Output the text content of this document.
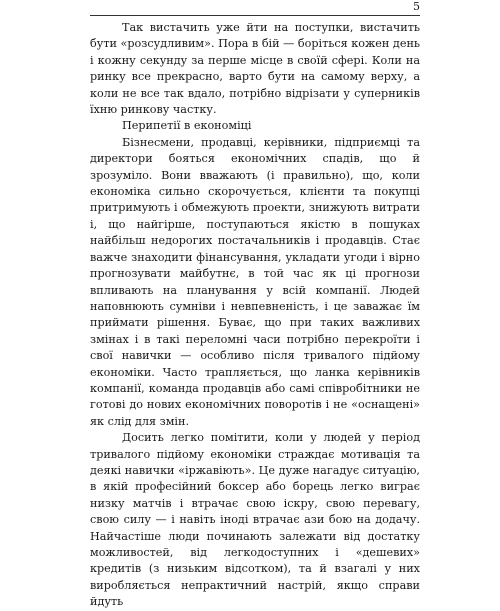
5

Так вистачить уже йти на поступки, вистачить бути «розсудливим». Пора в бій — боріться кожен день і кожну секунду за перше місце в своїй сфері. Коли на ринку все прекрасно, варто бути на самому верху, а коли не все так вдало, потрібно відрізати у суперників їхню ринкову частку.

Перипетії в економіці

Бізнесмени, продавці, керівники, підприємці та директори бояться економічних спадів, що й зрозуміло. Вони вважають (і правильно), що, коли економіка сильно скорочується, клієнти та покупці притримують і обмежують проекти, знижують витрати і, що найгірше, поступаються якістю в пошуках найбільш недорогих постачальників і продавців. Стає важче знаходити фінансування, укладати угоди і вірно прогнозувати майбутнє, в той час як ці прогнози впливають на планування у всій компанії. Людей наповнюють сумніви і невпевненість, і це заважає їм приймати рішення. Буває, що при таких важливих змінах і в такі переломні часи потрібно перекроїти і свої навички — особливо після тривалого підйому економіки. Часто трапляється, що ланка керівників компанії, команда продавців або самі співробітники не готові до нових економічних поворотів і не «оснащені» як слід для змін.

Досить легко помітити, коли у людей у період тривалого підйому економіки страждає мотивація та деякі навички «іржавіють». Це дуже нагадує ситуацію, в якій професійний боксер або борець легко виграє низку матчів і втрачає свою іскру, свою перевагу, свою силу — і навіть іноді втрачає ази бою на додачу. Найчастіше люди починають залежати від достатку можливостей, від легкодоступних і «дешевих» кредитів (з низьким відсотком), та й взагалі у них виробляється непрактичний настрій, якщо справи йдуть
